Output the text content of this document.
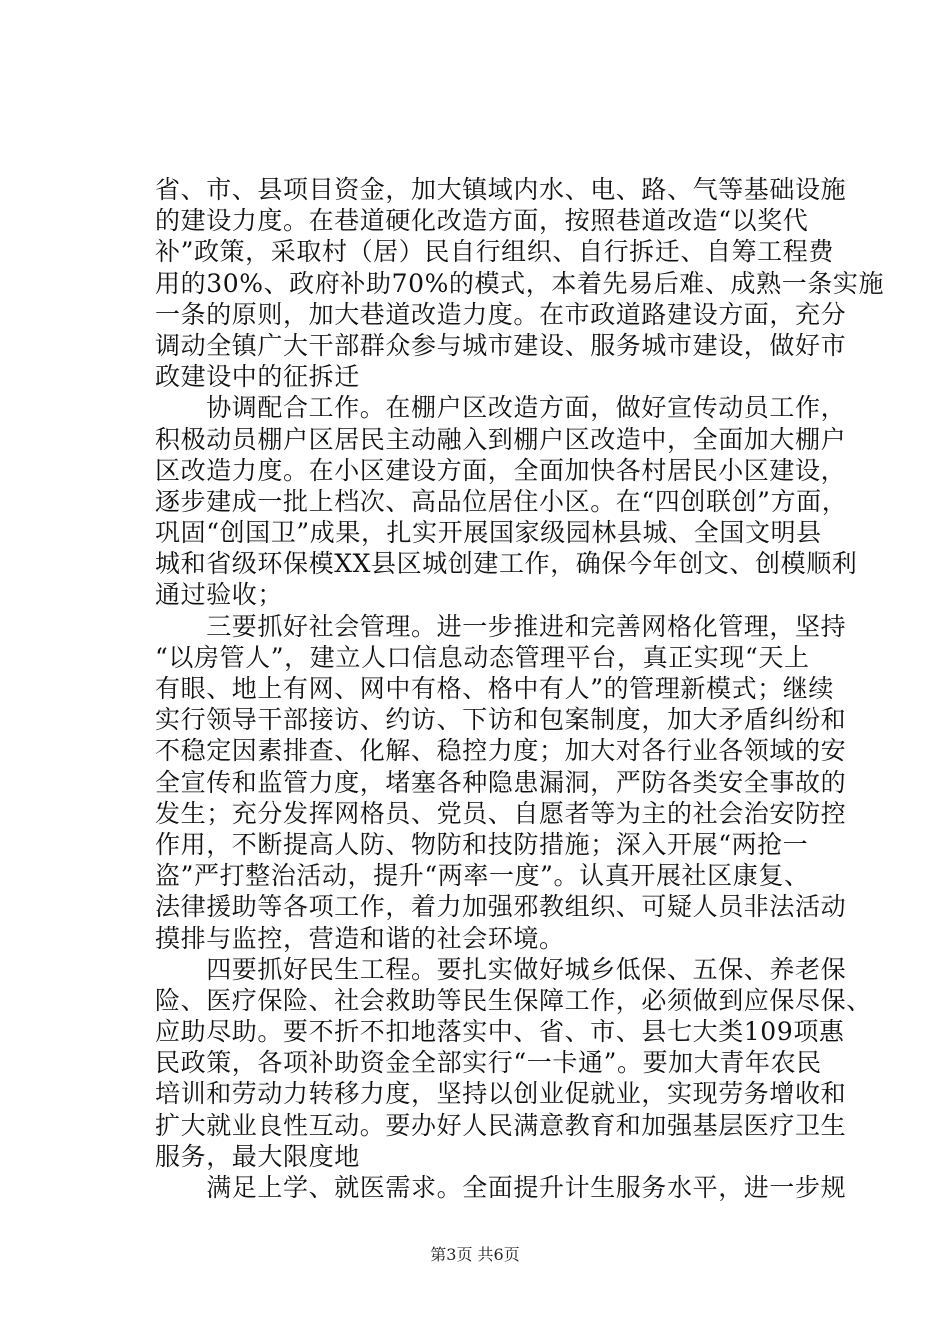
省、市、县项目资金，加大镇域内水、电、路、气等基础设施
的建设力度。在巷道硬化改造方面，按照巷道改造“以奖代
补”政策，采取村（居）民自行组织、自行拆迁、自筹工程费
用的30%、政府补助70%的模式，本着先易后难、成熟一条实施
一条的原则，加大巷道改造力度。在市政道路建设方面，充分
调动全镇广大干部群众参与城市建设、服务城市建设，做好市
政建设中的征拆迁
　　协调配合工作。在棚户区改造方面，做好宣传动员工作，
积极动员棚户区居民主动融入到棚户区改造中，全面加大棚户
区改造力度。在小区建设方面，全面加快各村居民小区建设，
逐步建成一批上档次、高品位居住小区。在“四创联创”方面，
巩固“创国卫”成果，扎实开展国家级园林县城、全国文明县
城和省级环保模XX县区城创建工作，确保今年创文、创模顺利
通过验收；
　　三要抓好社会管理。进一步推进和完善网格化管理，坚持
“以房管人”，建立人口信息动态管理平台，真正实现“天上
有眼、地上有网、网中有格、格中有人”的管理新模式；继续
实行领导干部接访、约访、下访和包案制度，加大矛盾纠纷和
不稳定因素排查、化解、稳控力度；加大对各行业各领域的安
全宣传和监管力度，堵塞各种隐患漏洞，严防各类安全事故的
发生；充分发挥网格员、党员、自愿者等为主的社会治安防控
作用，不断提高人防、物防和技防措施；深入开展“两抢一
盗”严打整治活动，提升“两率一度”。认真开展社区康复、
法律援助等各项工作，着力加强邪教组织、可疑人员非法活动
摸排与监控，营造和谐的社会环境。
　　四要抓好民生工程。要扎实做好城乡低保、五保、养老保
险、医疗保险、社会救助等民生保障工作，必须做到应保尽保、
应助尽助。要不折不扣地落实中、省、市、县七大类109项惠
民政策，各项补助资金全部实行“一卡通”。要加大青年农民
培训和劳动力转移力度，坚持以创业促就业，实现劳务增收和
扩大就业良性互动。要办好人民满意教育和加强基层医疗卫生
服务，最大限度地
　　满足上学、就医需求。全面提升计生服务水平，进一步规
第3页 共6页
